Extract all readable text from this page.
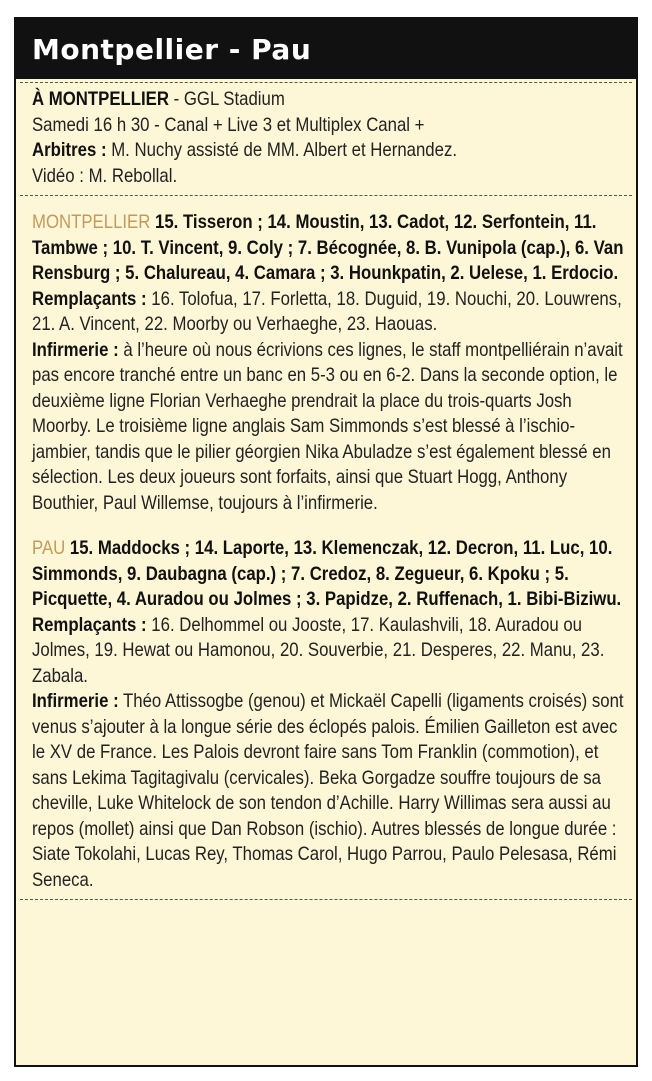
Montpellier - Pau

À MONTPELLIER - GGL Stadium

Samedi 16 h 30 - Canal + Live 3 et Multiplex Canal +

Arbitres : M. Nuchy assisté de MM. Albert et Hernandez.

Vidéo : M. Rebollal.

MONTPELLIER 15. Tisseron ; 14. Moustin, 13. Cadot, 12. Serfontein, 11. Tambwe ; 10. T. Vincent, 9. Coly ; 7. Bécognée, 8. B. Vunipola (cap.), 6. Van Rensburg ; 5. Chalureau, 4. Camara ; 3. Hounkpatin, 2. Uelese, 1. Erdocio.

Remplaçants : 16. Tolofua, 17. Forletta, 18. Duguid, 19. Nouchi, 20. Louwrens, 21. A. Vincent, 22. Moorby ou Verhaeghe, 23. Haouas.

Infirmerie : à l’heure où nous écrivions ces lignes, le staff montpelliérain n’avait pas encore tranché entre un banc en 5-3 ou en 6-2. Dans la seconde option, le deuxième ligne Florian Verhaeghe prendrait la place du trois-quarts Josh Moorby. Le troisième ligne anglais Sam Simmonds s’est blessé à l’ischio-jambier, tandis que le pilier géorgien Nika Abuladze s’est également blessé en sélection. Les deux joueurs sont forfaits, ainsi que Stuart Hogg, Anthony Bouthier, Paul Willemse, toujours à l’infirmerie.

PAU 15. Maddocks ; 14. Laporte, 13. Klemenczak, 12. Decron, 11. Luc, 10. Simmonds, 9. Daubagna (cap.) ; 7. Credoz, 8. Zegueur, 6. Kpoku ; 5. Picquette, 4. Auradou ou Jolmes ; 3. Papidze, 2. Ruffenach, 1. Bibi-Biziwu.

Remplaçants : 16. Delhommel ou Jooste, 17. Kaulashvili, 18. Auradou ou Jolmes, 19. Hewat ou Hamonou, 20. Souverbie, 21. Desperes, 22. Manu, 23. Zabala.

Infirmerie : Théo Attissogbe (genou) et Mickaël Capelli (ligaments croisés) sont venus s’ajouter à la longue série des éclopés palois. Émilien Gailleton est avec le XV de France. Les Palois devront faire sans Tom Franklin (commotion), et sans Lekima Tagitagivalu (cervicales). Beka Gorgadze souffre toujours de sa cheville, Luke Whitelock de son tendon d’Achille. Harry Willimas sera aussi au repos (mollet) ainsi que Dan Robson (ischio). Autres blessés de longue durée : Siate Tokolahi, Lucas Rey, Thomas Carol, Hugo Parrou, Paulo Pelesasa, Rémi Seneca.
